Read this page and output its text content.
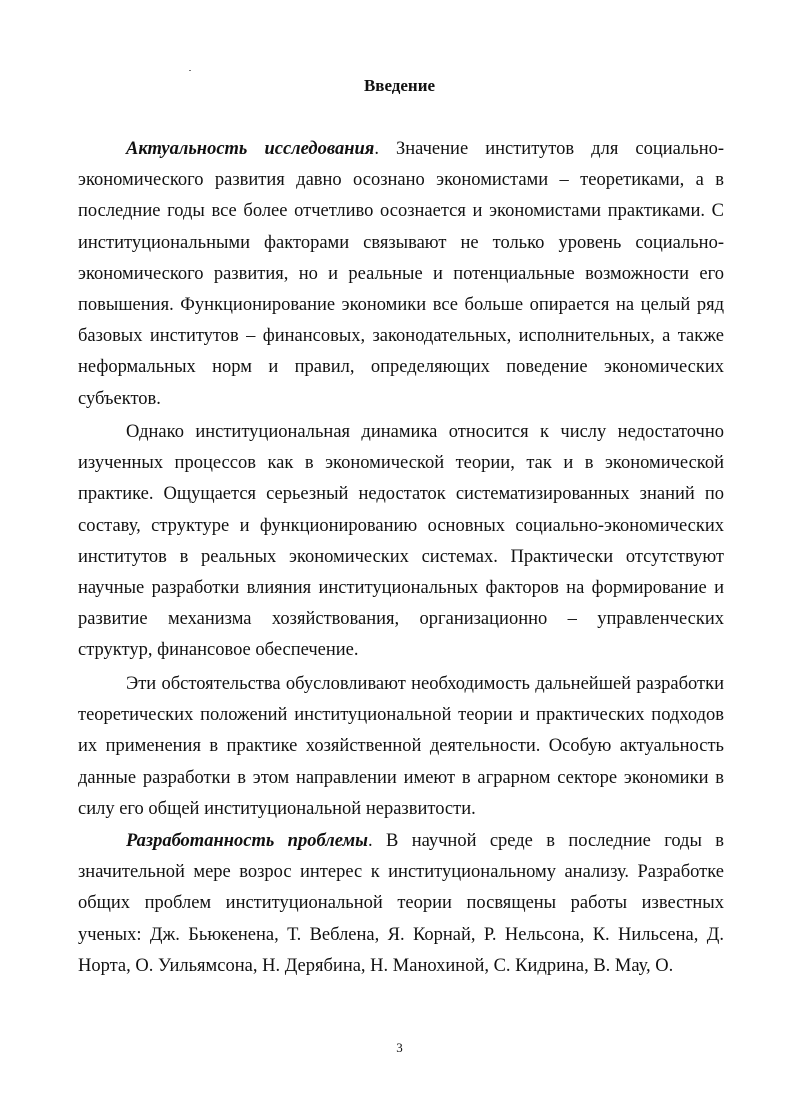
Введение

Актуальность исследования. Значение институтов для социально-экономического развития давно осознано экономистами – теоретиками, а в последние годы все более отчетливо осознается и экономистами практиками. С институциональными факторами связывают не только уровень социально-экономического развития, но и реальные и потенциальные возможности его повышения. Функционирование экономики все больше опирается на целый ряд базовых институтов – финансовых, законодательных, исполнительных, а также неформальных норм и правил, определяющих поведение экономических субъектов.

Однако институциональная динамика относится к числу недостаточно изученных процессов как в экономической теории, так и в экономической практике. Ощущается серьезный недостаток систематизированных знаний по составу, структуре и функционированию основных социально-экономических институтов в реальных экономических системах. Практически отсутствуют научные разработки влияния институциональных факторов на формирование и развитие механизма хозяйствования, организационно – управленческих структур, финансовое обеспечение.

Эти обстоятельства обусловливают необходимость дальнейшей разработки теоретических положений институциональной теории и практических подходов их применения в практике хозяйственной деятельности. Особую актуальность данные разработки в этом направлении имеют в аграрном секторе экономики в силу его общей институциональной неразвитости.

Разработанность проблемы. В научной среде в последние годы в значительной мере возрос интерес к институциональному анализу. Разработке общих проблем институциональной теории посвящены работы известных ученых: Дж. Бьюкенена, Т. Веблена, Я. Корнай, Р. Нельсона, К. Нильсена, Д. Норта, О. Уильямсона, Н. Дерябина, Н. Манохиной, С. Кидрина, В. Мау, О.

3
